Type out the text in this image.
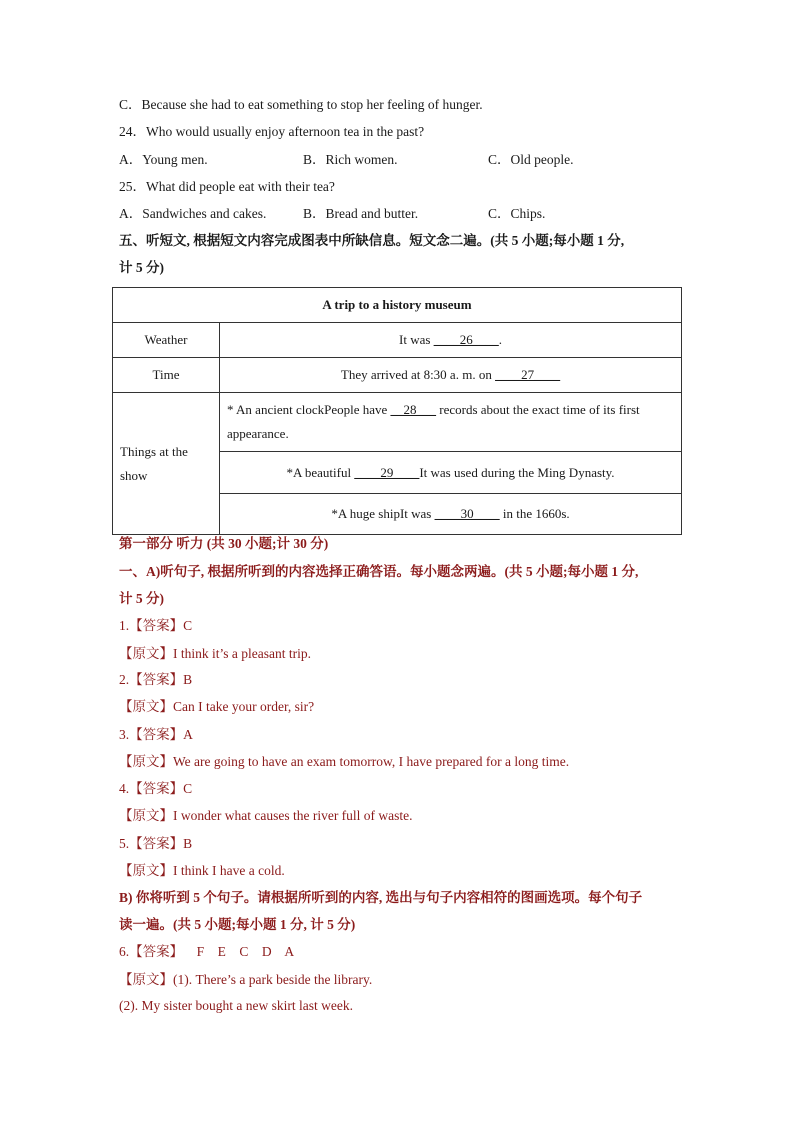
C．Because she had to eat something to stop her feeling of hunger.
24．Who would usually enjoy afternoon tea in the past?
A．Young men.	B．Rich women.	C．Old people.
25．What did people eat with their tea?
A．Sandwiches and cakes.	B．Bread and butter.	C．Chips.
五、听短文, 根据短文内容完成图表中所缺信息。短文念二遍。(共 5 小题;每小题 1 分,
计 5 分)
A trip to a history museum	
Weather	It was ____26____.
Time	They arrived at 8:30 a. m. on ____27____
Things at the show	* An ancient clockPeople have __28___ records about the exact time of its first appearance.
	*A beautiful ____29____It was used during the Ming Dynasty.
	*A huge shipIt was ____30____ in the 1660s.
第一部分 听力 (共 30 小题;计 30 分)
一、A)听句子, 根据所听到的内容选择正确答语。每小题念两遍。(共 5 小题;每小题 1 分,
计 5 分)
1.【答案】C
【原文】I think it’s a pleasant trip.
2.【答案】B
【原文】Can I take your order, sir?
3.【答案】A
【原文】We are going to have an exam tomorrow, I have prepared for a long time.
4.【答案】C
【原文】I wonder what causes the river full of waste.
5.【答案】B
【原文】I think I have a cold.
B) 你将听到 5 个句子。请根据所听到的内容, 选出与句子内容相符的图画选项。每个句子
读一遍。(共 5 小题;每小题 1 分, 计 5 分)
6.【答案】    F    E    C    D    A
【原文】(1). There’s a park beside the library.
(2). My sister bought a new skirt last week.
